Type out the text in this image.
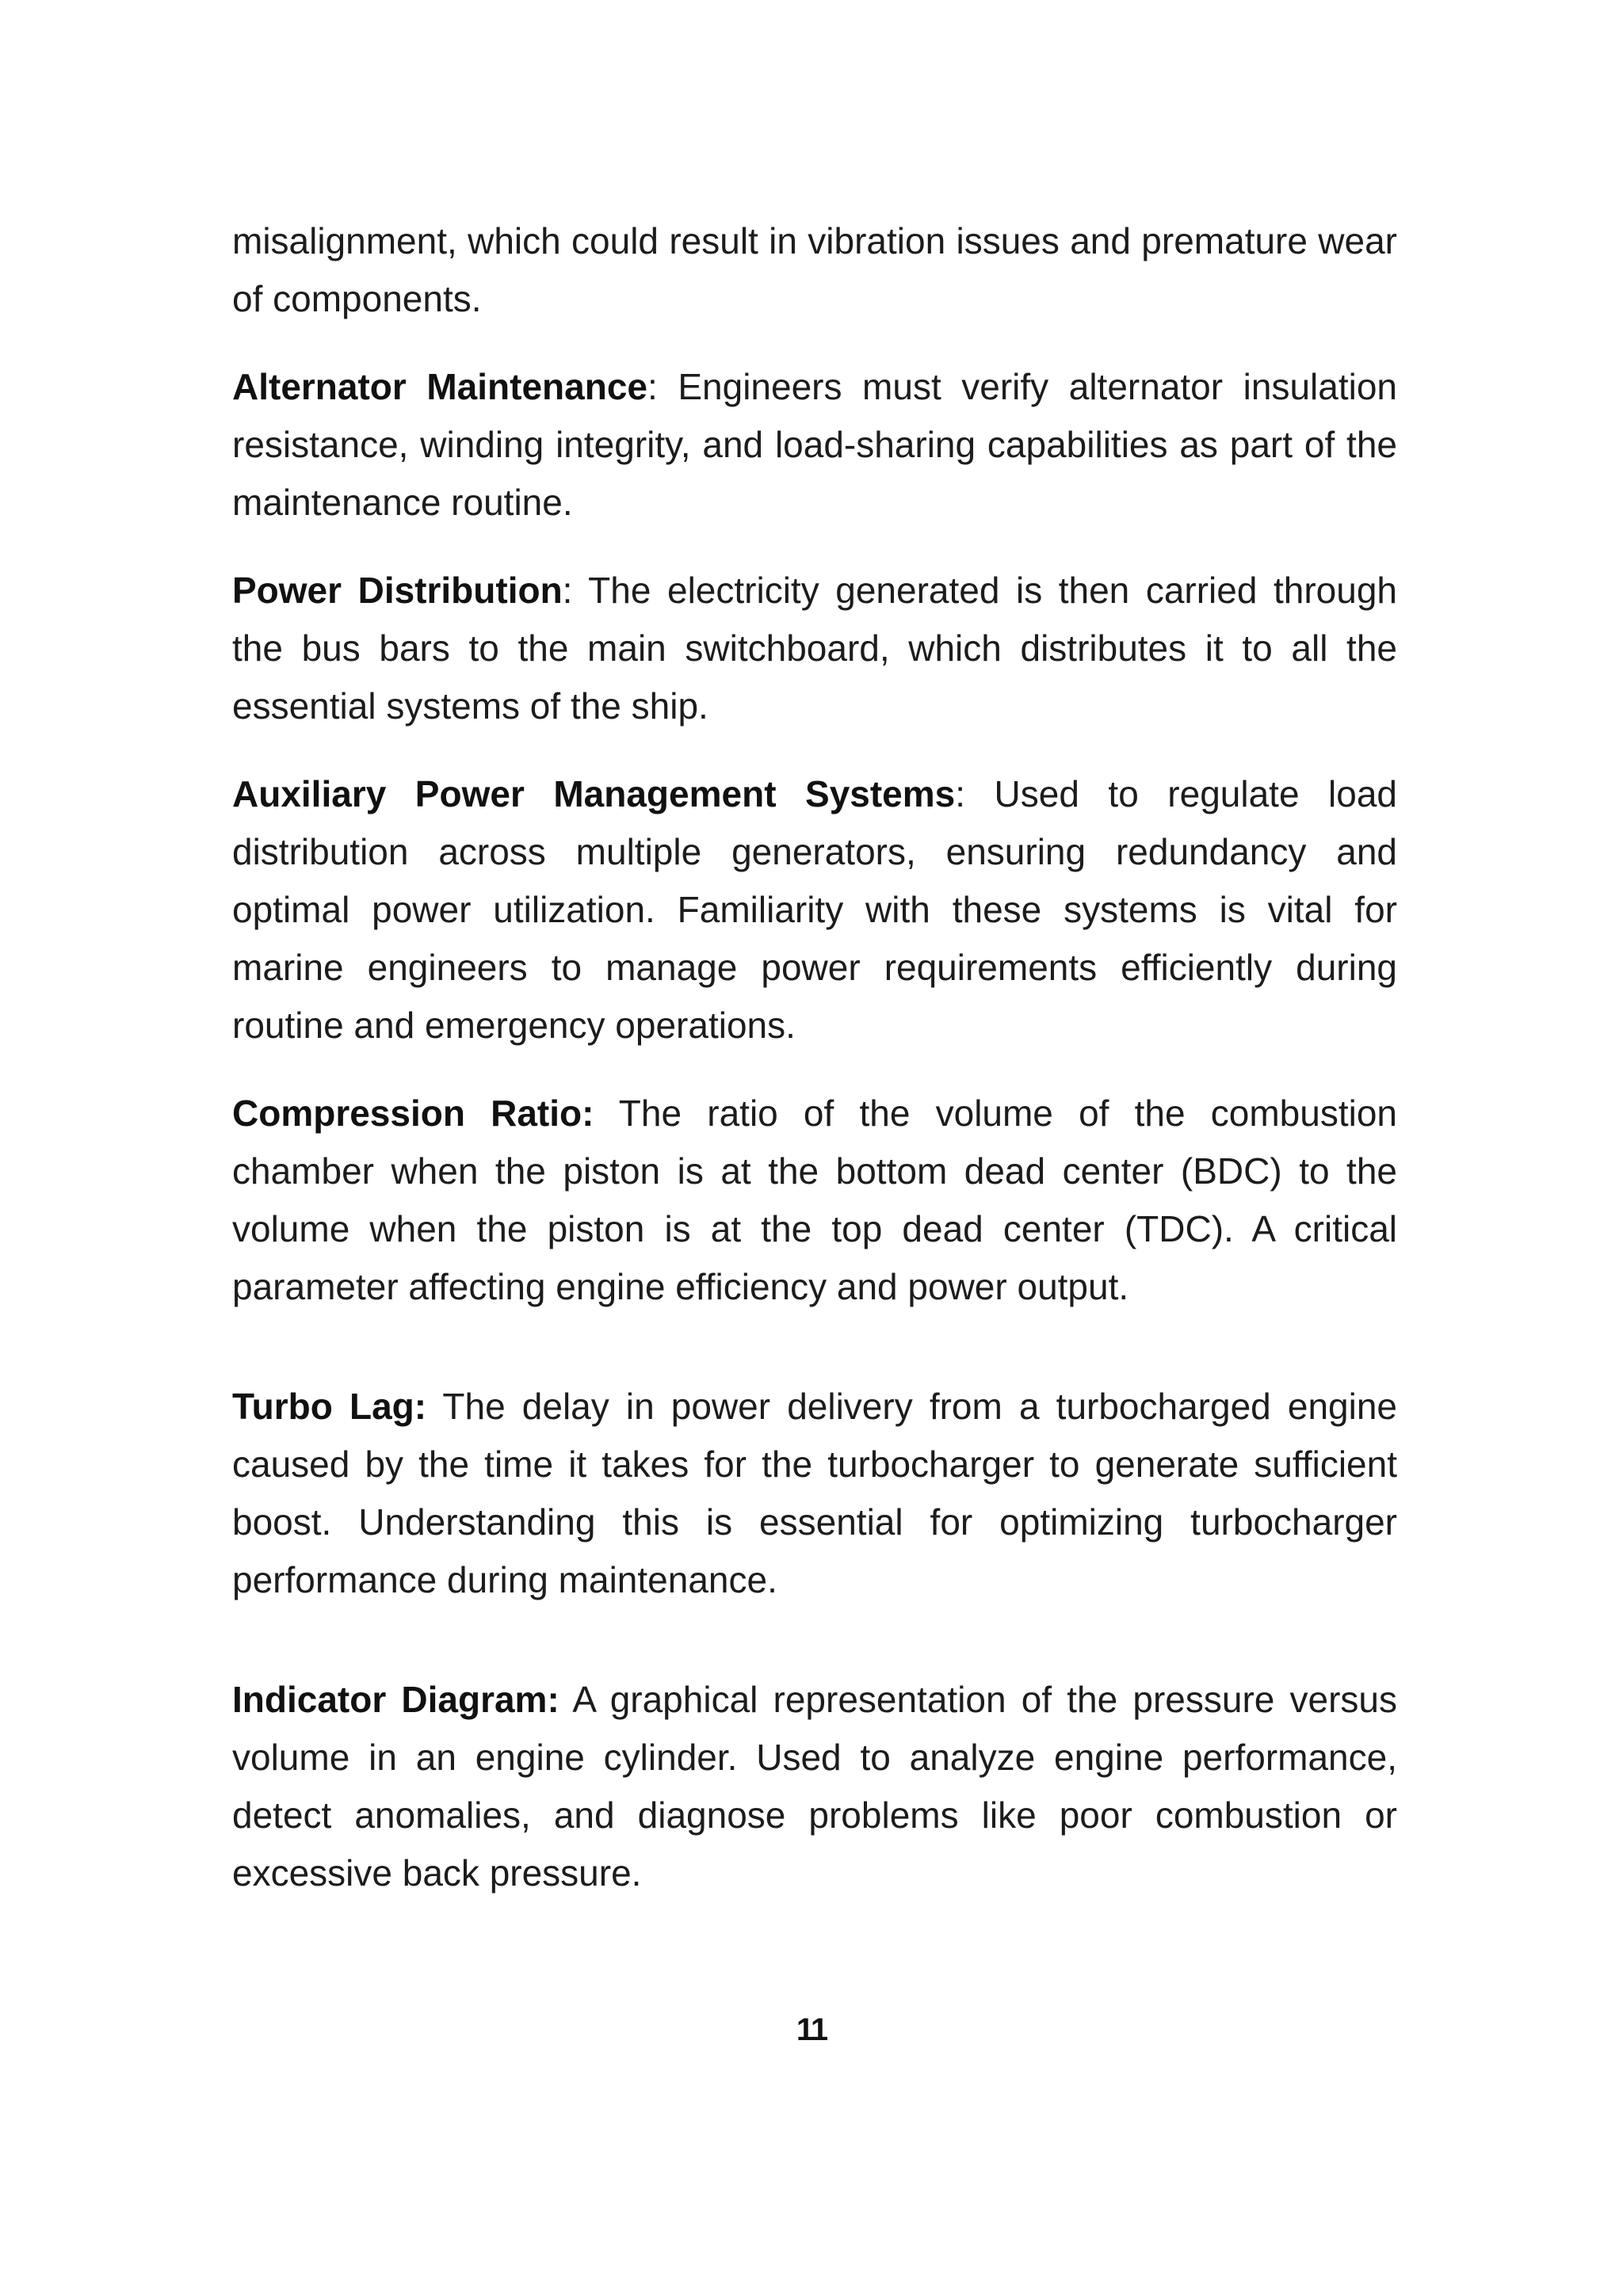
misalignment, which could result in vibration issues and premature wear of components.

Alternator Maintenance: Engineers must verify alternator insulation resistance, winding integrity, and load-sharing capabilities as part of the maintenance routine.

Power Distribution: The electricity generated is then carried through the bus bars to the main switchboard, which distributes it to all the essential systems of the ship.

Auxiliary Power Management Systems: Used to regulate load distribution across multiple generators, ensuring redundancy and optimal power utilization. Familiarity with these systems is vital for marine engineers to manage power requirements efficiently during routine and emergency operations.

Compression Ratio: The ratio of the volume of the combustion chamber when the piston is at the bottom dead center (BDC) to the volume when the piston is at the top dead center (TDC). A critical parameter affecting engine efficiency and power output.

Turbo Lag: The delay in power delivery from a turbocharged engine caused by the time it takes for the turbocharger to generate sufficient boost. Understanding this is essential for optimizing turbocharger performance during maintenance.

Indicator Diagram: A graphical representation of the pressure versus volume in an engine cylinder. Used to analyze engine performance, detect anomalies, and diagnose problems like poor combustion or excessive back pressure.

11
